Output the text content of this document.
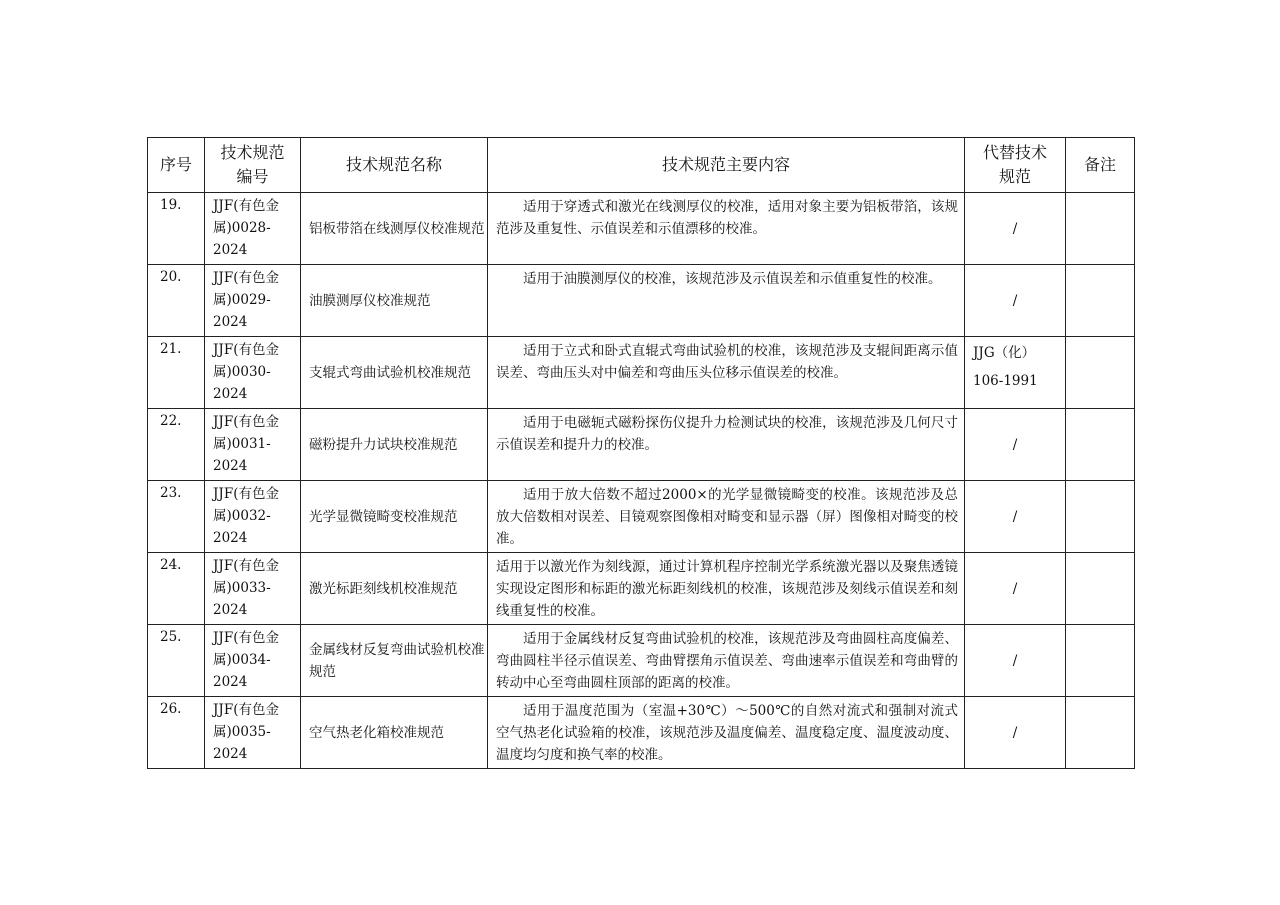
序号	技术规范编号	技术规范名称	技术规范主要内容	代替技术规范	备注
19.	JJF(有色金属)0028-2024	铝板带箔在线测厚仪校准规范	适用于穿透式和激光在线测厚仪的校准，适用对象主要为铝板带箔，该规范涉及重复性、示值误差和示值漂移的校准。	/	
20.	JJF(有色金属)0029-2024	油膜测厚仪校准规范	适用于油膜测厚仪的校准，该规范涉及示值误差和示值重复性的校准。	/	
21.	JJF(有色金属)0030-2024	支辊式弯曲试验机校准规范	适用于立式和卧式直辊式弯曲试验机的校准，该规范涉及支辊间距离示值误差、弯曲压头对中偏差和弯曲压头位移示值误差的校准。	JJG（化）106-1991	
22.	JJF(有色金属)0031-2024	磁粉提升力试块校准规范	适用于电磁轭式磁粉探伤仪提升力检测试块的校准，该规范涉及几何尺寸示值误差和提升力的校准。	/	
23.	JJF(有色金属)0032-2024	光学显微镜畸变校准规范	适用于放大倍数不超过2000×的光学显微镜畸变的校准。该规范涉及总放大倍数相对误差、目镜观察图像相对畸变和显示器（屏）图像相对畸变的校准。	/	
24.	JJF(有色金属)0033-2024	激光标距刻线机校准规范	适用于以激光作为刻线源，通过计算机程序控制光学系统激光器以及聚焦透镜实现设定图形和标距的激光标距刻线机的校准，该规范涉及刻线示值误差和刻线重复性的校准。	/	
25.	JJF(有色金属)0034-2024	金属线材反复弯曲试验机校准规范	适用于金属线材反复弯曲试验机的校准，该规范涉及弯曲圆柱高度偏差、弯曲圆柱半径示值误差、弯曲臂摆角示值误差、弯曲速率示值误差和弯曲臂的转动中心至弯曲圆柱顶部的距离的校准。	/	
26.	JJF(有色金属)0035-2024	空气热老化箱校准规范	适用于温度范围为（室温+30℃）～500℃的自然对流式和强制对流式空气热老化试验箱的校准，该规范涉及温度偏差、温度稳定度、温度波动度、温度均匀度和换气率的校准。	/	
